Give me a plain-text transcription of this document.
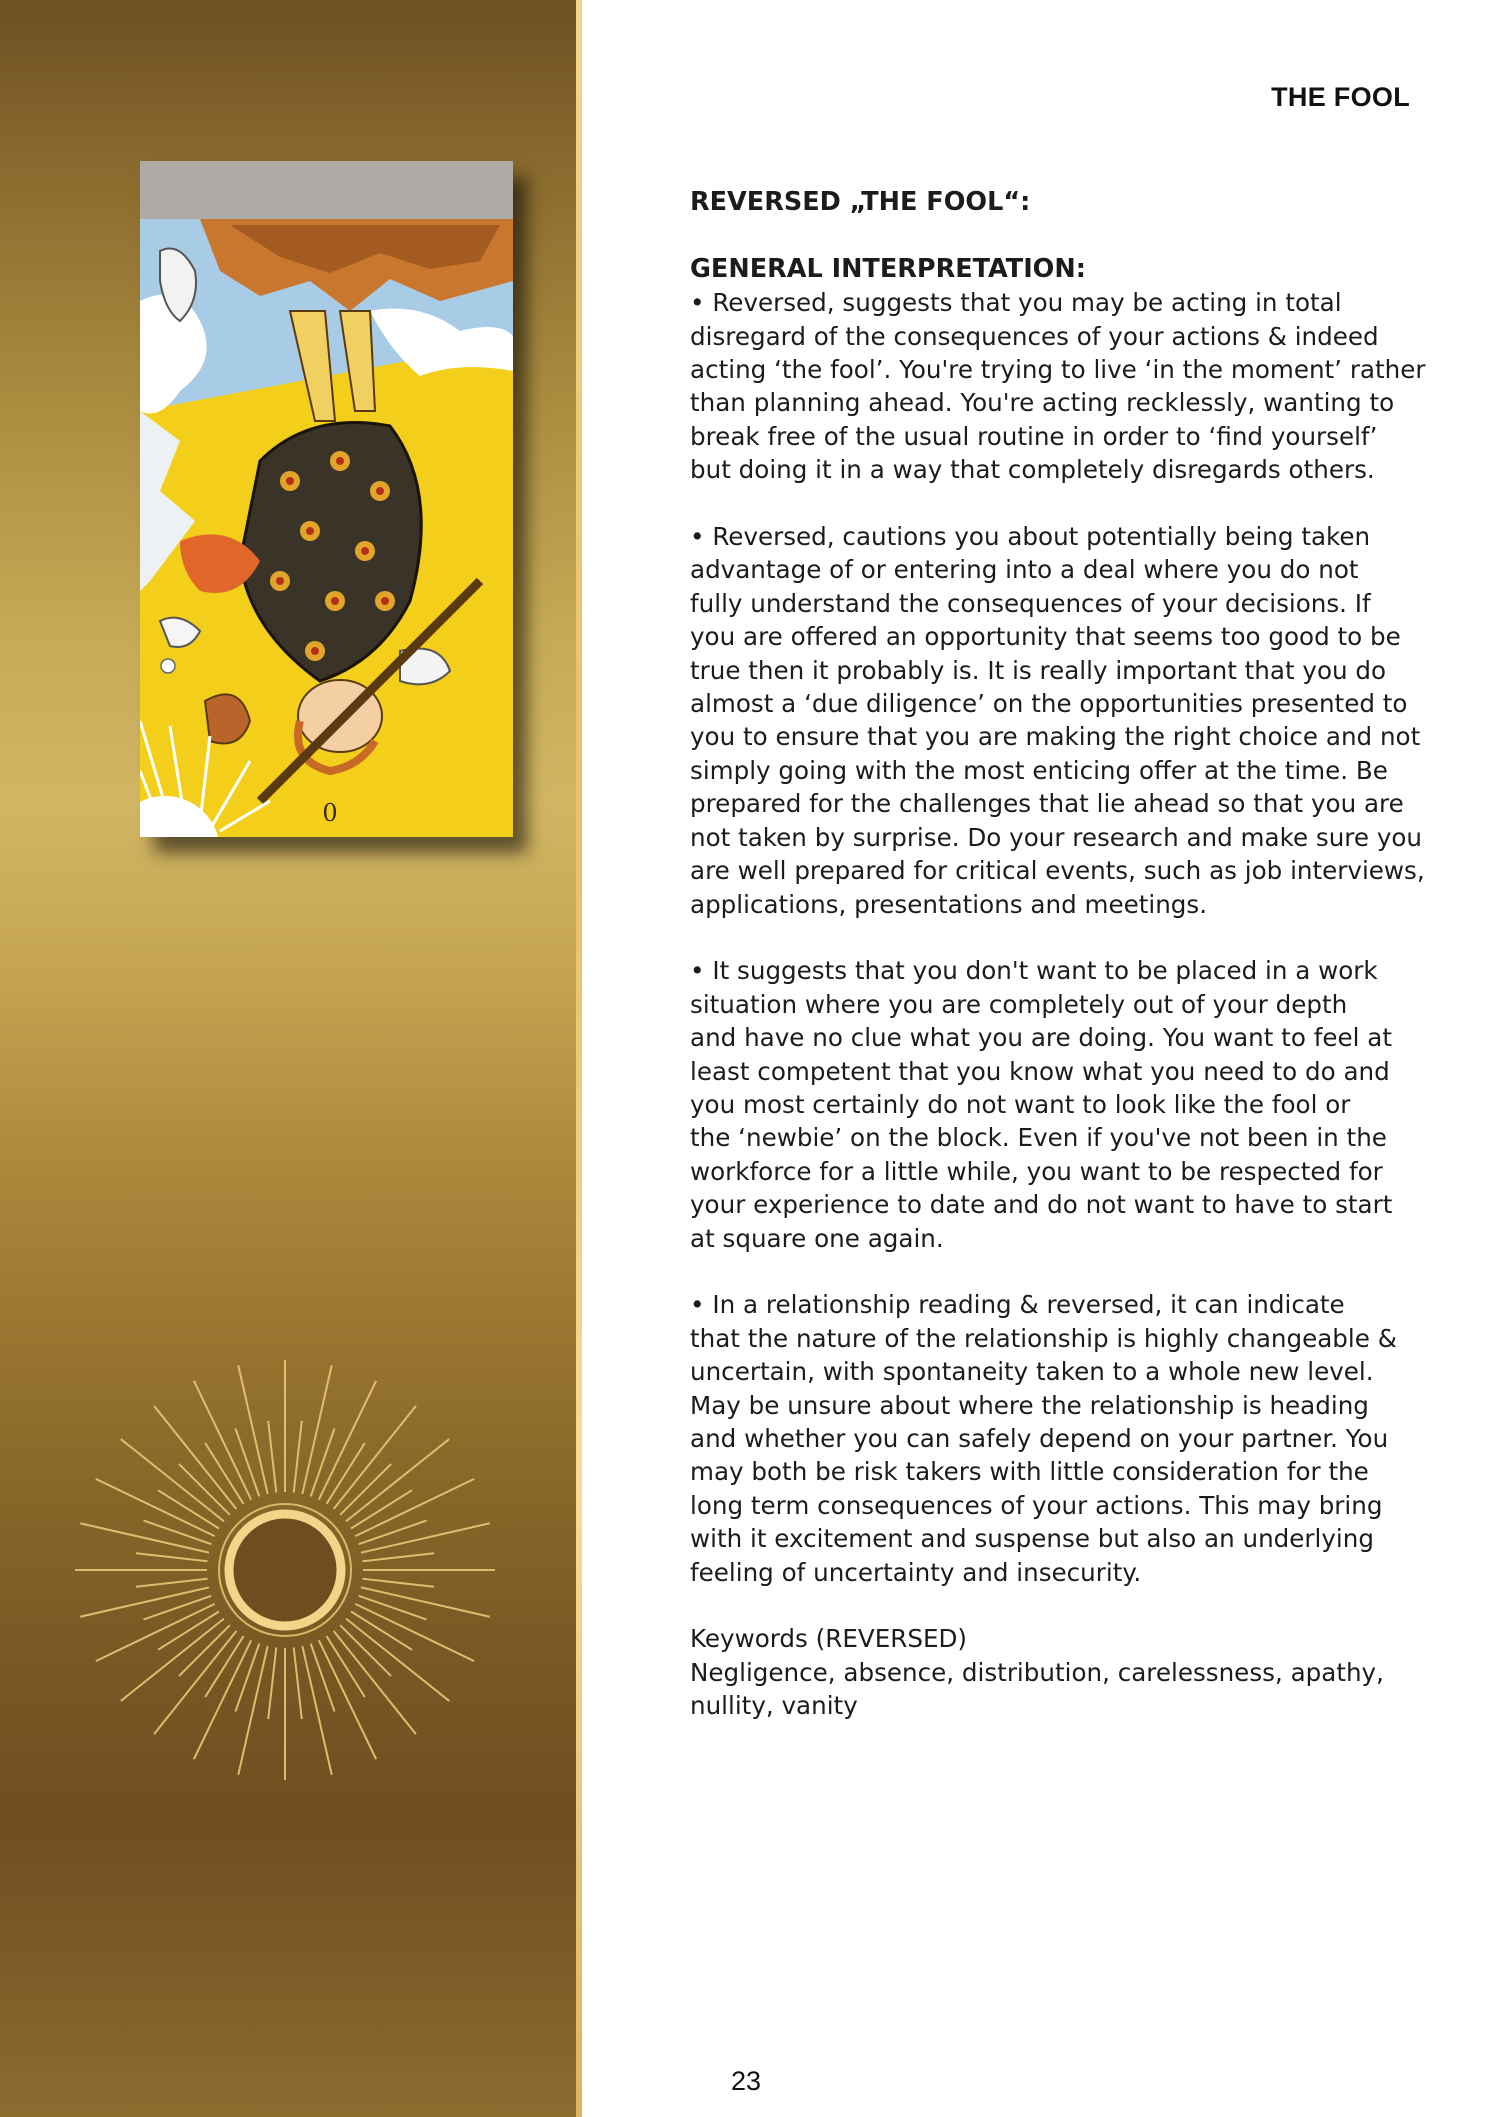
0
THE FOOL
REVERSED „THE FOOL“:
GENERAL INTERPRETATION:
• Reversed, suggests that you may be acting in total
disregard of the consequences of your actions & indeed
acting ‘the fool’. You're trying to live ‘in the moment’ rather
than planning ahead. You're acting recklessly, wanting to
break free of the usual routine in order to ‘find yourself’
but doing it in a way that completely disregards others.
• Reversed, cautions you about potentially being taken
advantage of or entering into a deal where you do not
fully understand the consequences of your decisions. If
you are offered an opportunity that seems too good to be
true then it probably is. It is really important that you do
almost a ‘due diligence’ on the opportunities presented to
you to ensure that you are making the right choice and not
simply going with the most enticing offer at the time. Be
prepared for the challenges that lie ahead so that you are
not taken by surprise. Do your research and make sure you
are well prepared for critical events, such as job interviews,
applications, presentations and meetings.
• It suggests that you don't want to be placed in a work
situation where you are completely out of your depth
and have no clue what you are doing. You want to feel at
least competent that you know what you need to do and
you most certainly do not want to look like the fool or
the ‘newbie’ on the block. Even if you've not been in the
workforce for a little while, you want to be respected for
your experience to date and do not want to have to start
at square one again.
• In a relationship reading & reversed, it can indicate
that the nature of the relationship is highly changeable &
uncertain, with spontaneity taken to a whole new level.
May be unsure about where the relationship is heading
and whether you can safely depend on your partner. You
may both be risk takers with little consideration for the
long term consequences of your actions. This may bring
with it excitement and suspense but also an underlying
feeling of uncertainty and insecurity.
Keywords (REVERSED)
Negligence, absence, distribution, carelessness, apathy,
nullity, vanity
23
